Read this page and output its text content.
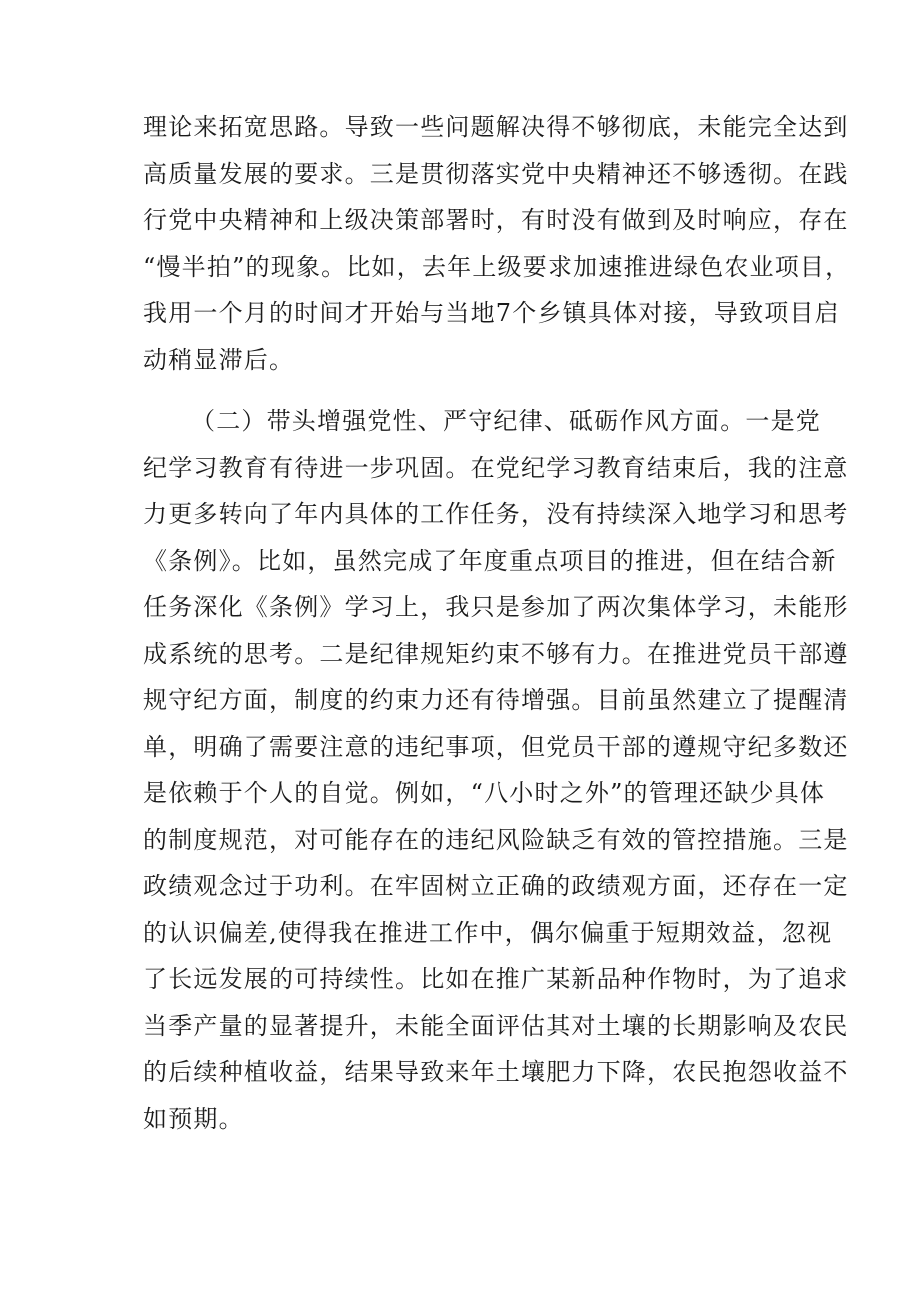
理论来拓宽思路。导致一些问题解决得不够彻底，未能完全达到
高质量发展的要求。三是贯彻落实党中央精神还不够透彻。在践
行党中央精神和上级决策部署时，有时没有做到及时响应，存在
“慢半拍”的现象。比如，去年上级要求加速推进绿色农业项目，
我用一个月的时间才开始与当地7个乡镇具体对接，导致项目启
动稍显滞后。
（二）带头增强党性、严守纪律、砥砺作风方面。一是党
纪学习教育有待进一步巩固。在党纪学习教育结束后，我的注意
力更多转向了年内具体的工作任务，没有持续深入地学习和思考
《条例》。比如，虽然完成了年度重点项目的推进，但在结合新
任务深化《条例》学习上，我只是参加了两次集体学习，未能形
成系统的思考。二是纪律规矩约束不够有力。在推进党员干部遵
规守纪方面，制度的约束力还有待增强。目前虽然建立了提醒清
单，明确了需要注意的违纪事项，但党员干部的遵规守纪多数还
是依赖于个人的自觉。例如，“八小时之外”的管理还缺少具体
的制度规范，对可能存在的违纪风险缺乏有效的管控措施。三是
政绩观念过于功利。在牢固树立正确的政绩观方面，还存在一定
的认识偏差,使得我在推进工作中，偶尔偏重于短期效益，忽视
了长远发展的可持续性。比如在推广某新品种作物时，为了追求
当季产量的显著提升，未能全面评估其对土壤的长期影响及农民
的后续种植收益，结果导致来年土壤肥力下降，农民抱怨收益不
如预期。
